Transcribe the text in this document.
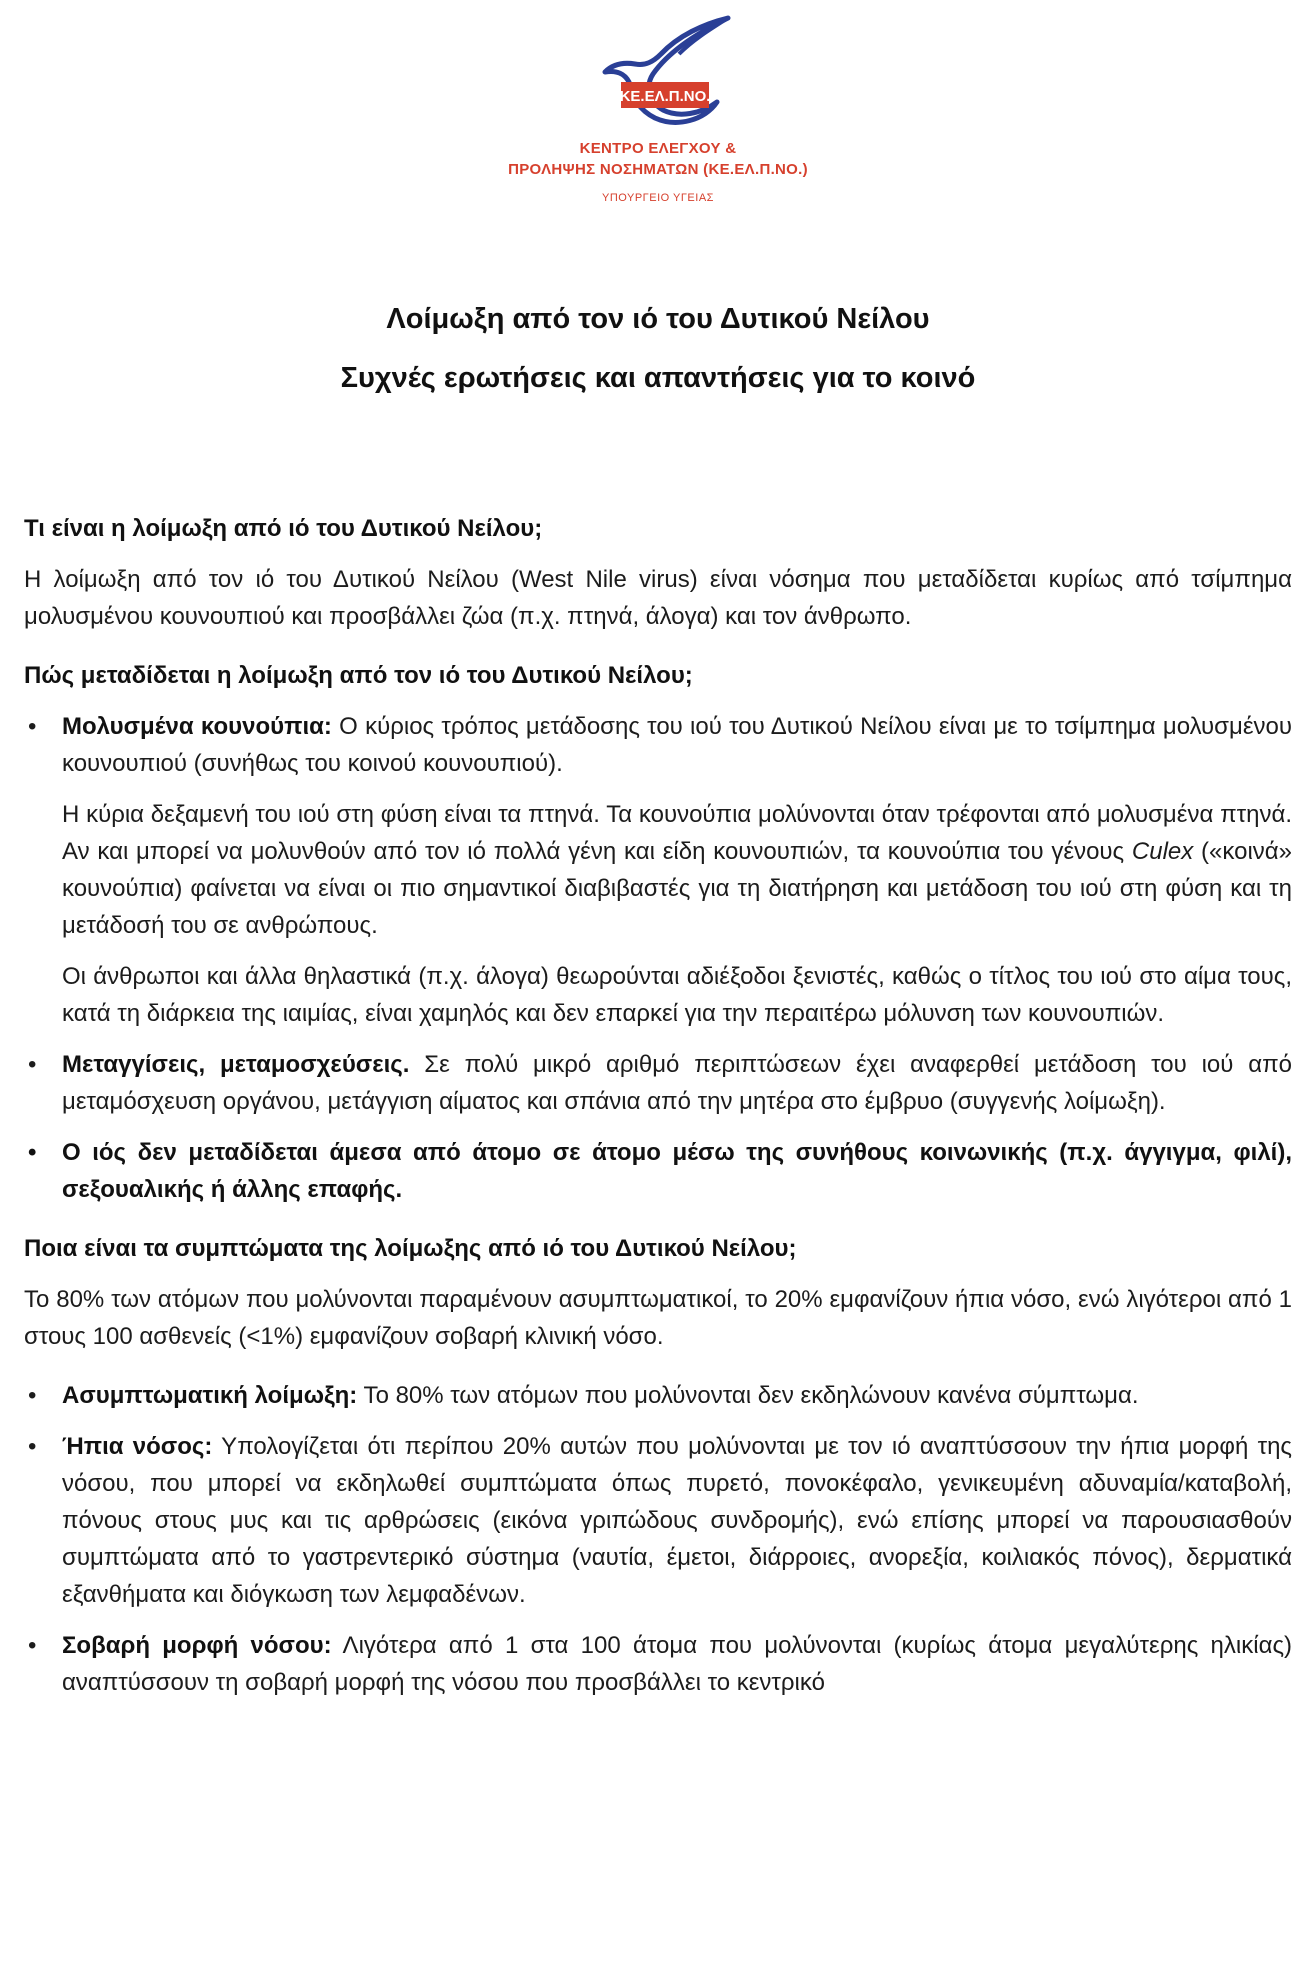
ΚΕ.ΕΛ.Π.ΝΟ.
ΚΕΝΤΡΟ ΕΛΕΓΧΟΥ &
ΠΡΟΛΗΨΗΣ ΝΟΣΗΜΑΤΩΝ (ΚΕ.ΕΛ.Π.ΝΟ.)
ΥΠΟΥΡΓΕΙΟ ΥΓΕΙΑΣ
Λοίμωξη από τον ιό του Δυτικού Νείλου
Συχνές ερωτήσεις και απαντήσεις για το κοινό
Τι είναι η λοίμωξη από ιό του Δυτικού Νείλου;
Η λοίμωξη από τον ιό του Δυτικού Νείλου (West Nile virus) είναι νόσημα που μεταδίδεται κυρίως από τσίμπημα μολυσμένου κουνουπιού και προσβάλλει ζώα (π.χ. πτηνά, άλογα) και τον άνθρωπο.
Πώς μεταδίδεται η λοίμωξη από τον ιό του Δυτικού Νείλου;
• Μολυσμένα κουνούπια: Ο κύριος τρόπος μετάδοσης του ιού του Δυτικού Νείλου είναι με το τσίμπημα μολυσμένου κουνουπιού (συνήθως του κοινού κουνουπιού).
Η κύρια δεξαμενή του ιού στη φύση είναι τα πτηνά. Τα κουνούπια μολύνονται όταν τρέφονται από μολυσμένα πτηνά. Αν και μπορεί να μολυνθούν από τον ιό πολλά γένη και είδη κουνουπιών, τα κουνούπια του γένους Culex («κοινά» κουνούπια) φαίνεται να είναι οι πιο σημαντικοί διαβιβαστές για τη διατήρηση και μετάδοση του ιού στη φύση και τη μετάδοσή του σε ανθρώπους.
Οι άνθρωποι και άλλα θηλαστικά (π.χ. άλογα) θεωρούνται αδιέξοδοι ξενιστές, καθώς ο τίτλος του ιού στο αίμα τους, κατά τη διάρκεια της ιαιμίας, είναι χαμηλός και δεν επαρκεί για την περαιτέρω μόλυνση των κουνουπιών.
• Μεταγγίσεις, μεταμοσχεύσεις. Σε πολύ μικρό αριθμό περιπτώσεων έχει αναφερθεί μετάδοση του ιού από μεταμόσχευση οργάνου, μετάγγιση αίματος και σπάνια από την μητέρα στο έμβρυο (συγγενής λοίμωξη).
• Ο ιός δεν μεταδίδεται άμεσα από άτομο σε άτομο μέσω της συνήθους κοινωνικής (π.χ. άγγιγμα, φιλί), σεξουαλικής ή άλλης επαφής.
Ποια είναι τα συμπτώματα της λοίμωξης από ιό του Δυτικού Νείλου;
Το 80% των ατόμων που μολύνονται παραμένουν ασυμπτωματικοί, το 20% εμφανίζουν ήπια νόσο, ενώ λιγότεροι από 1 στους 100 ασθενείς (<1%) εμφανίζουν σοβαρή κλινική νόσο.
• Ασυμπτωματική λοίμωξη: Το 80% των ατόμων που μολύνονται δεν εκδηλώνουν κανένα σύμπτωμα.
• Ήπια νόσος: Υπολογίζεται ότι περίπου 20% αυτών που μολύνονται με τον ιό αναπτύσσουν την ήπια μορφή της νόσου, που μπορεί να εκδηλωθεί συμπτώματα όπως πυρετό, πονοκέφαλο, γενικευμένη αδυναμία/καταβολή, πόνους στους μυς και τις αρθρώσεις (εικόνα γριπώδους συνδρομής), ενώ επίσης μπορεί να παρουσιασθούν συμπτώματα από το γαστρεντερικό σύστημα (ναυτία, έμετοι, διάρροιες, ανορεξία, κοιλιακός πόνος), δερματικά εξανθήματα και διόγκωση των λεμφαδένων.
• Σοβαρή μορφή νόσου: Λιγότερα από 1 στα 100 άτομα που μολύνονται (κυρίως άτομα μεγαλύτερης ηλικίας) αναπτύσσουν τη σοβαρή μορφή της νόσου που προσβάλλει το κεντρικό
